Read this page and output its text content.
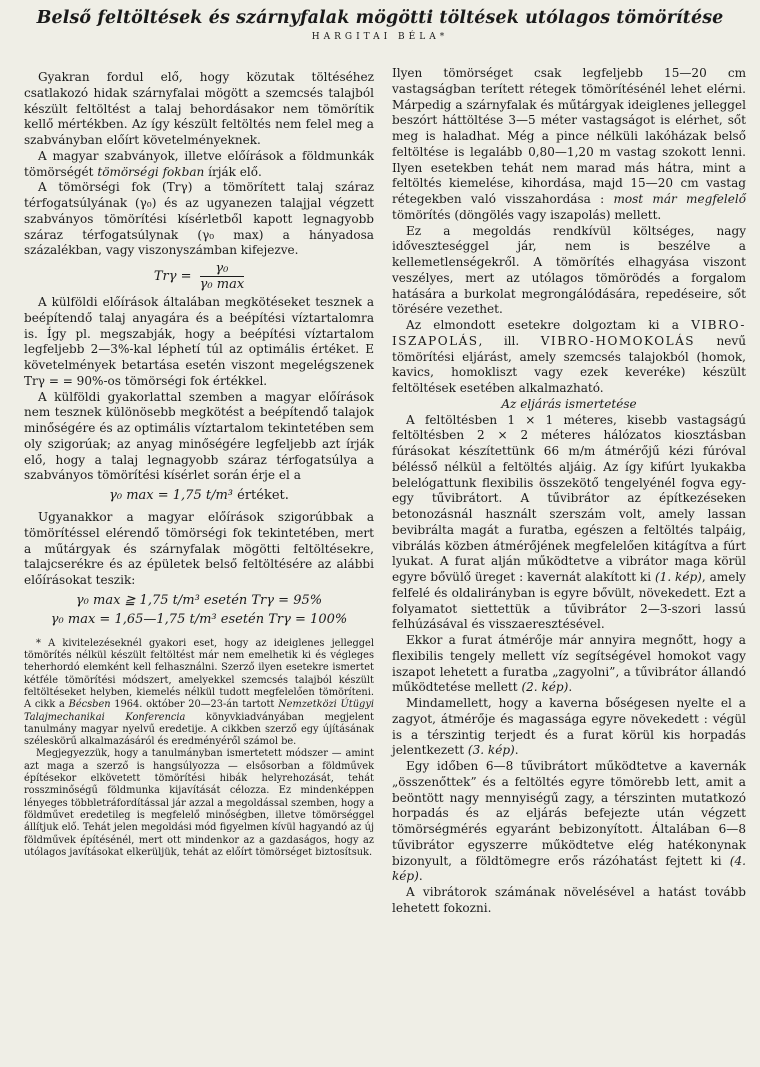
Belső feltöltések és szárnyfalak mögötti töltések utólagos tömörítése
HARGITAI BÉLA*

Gyakran fordul elő, hogy közutak töltéséhez csatlakozó hidak szárnyfalai mögött a szemcsés talajból készült feltöltést a talaj behordásakor nem tömörítik kellő mértékben. Az így készült feltöltés nem felel meg a szabványban előírt követelményeknek.

A magyar szabványok, illetve előírások a földmunkák tömörségét tömörségi fokban írják elő.

A tömörségi fok (Trγ) a tömörített talaj száraz térfogatsúlyának (γ₀) és az ugyanezen talajjal végzett szabványos tömörítési kísérletből kapott legnagyobb száraz térfogatsúlynak (γ₀ max) a hányadosa százalékban, vagy viszonyszámban kifejezve.

$Tr\gamma = \frac{\text{γ₀}}{\text{γ₀ max}}$

A külföldi előírások általában megkötéseket tesznek a beépítendő talaj anyagára és a beépítési víztartalomra is. Így pl. megszabják, hogy a beépítési víztartalom legfeljebb 2—3%-kal léphetí túl az optimális értéket. E követelmények betartása esetén viszont megelégszenek Trγ = = 90%-os tömörségi fok értékkel.

A külföldi gyakorlattal szemben a magyar előírások nem tesznek különösebb megkötést a beépítendő talajok minőségére és az optimális víztartalom tekintetében sem oly szigorúak; az anyag minőségére legfeljebb azt írják elő, hogy a talaj legnagyobb száraz térfogatsúlya a szabványos tömörítési kísérlet során érje el a

γ₀ max = 1,75 t/m³ értéket.

Ugyanakkor a magyar előírások szigorúbbak a tömörítéssel elérendő tömörségi fok tekintetében, mert a műtárgyak és szárnyfalak mögötti feltöltésekre, talajcserékre és az épületek belső feltöltésére az alábbi előírásokat teszik:

γ₀ max ≧ 1,75 t/m³ esetén Trγ = 95%
γ₀ max = 1,65—1,75 t/m³ esetén Trγ = 100%

* A kivitelezéseknél gyakori eset, hogy az ideiglenes jelleggel tömörítés nélkül készült feltöltést már nem emelhetik ki és végleges teherhordó elemként kell felhasználni. Szerző ilyen esetekre ismertet kétféle tömörítési módszert, amelyekkel szemcsés talajból készült feltöltéseket helyben, kiemelés nélkül tudott megfelelően tömöríteni. A cikk a Bécsben 1964. október 20—23-án tartott Nemzetközi Útügyi Talajmechanikai Konferencia könyvkiadványában megjelent tanulmány magyar nyelvű eredetije. A cikkben szerző egy újításának széleskörű alkalmazásáról és eredményéről számol be.

Megjegyezzük, hogy a tanulmányban ismertetett módszer — amint azt maga a szerző is hangsúlyozza — elsősorban a földművek építésekor elkövetett tömörítési hibák helyrehozását, tehát rosszminőségű földmunka kijavítását célozza. Ez mindenképpen lényeges többletráfordítással jár azzal a megoldással szemben, hogy a földművet eredetileg is megfelelő minőségben, illetve tömörséggel állítjuk elő. Tehát jelen megoldási mód figyelmen kívül hagyandó az új földművek építésénél, mert ott mindenkor az a gazdaságos, hogy az utólagos javításokat elkerüljük, tehát az előírt tömörséget biztosítsuk.

Ilyen tömörséget csak legfeljebb 15—20 cm vastagságban terített rétegek tömörítésénél lehet elérni. Márpedig a szárnyfalak és műtárgyak ideiglenes jelleggel beszórt háttöltése 3—5 méter vastagságot is elérhet, sőt meg is haladhat. Még a pince nélküli lakóházak belső feltöltése is legalább 0,80—1,20 m vastag szokott lenni. Ilyen esetekben tehát nem marad más hátra, mint a feltöltés kiemelése, kihordása, majd 15—20 cm vastag rétegekben való visszahordása : most már megfelelő tömörítés (döngölés vagy iszapolás) mellett.

Ez a megoldás rendkívül költséges, nagy időveszteséggel jár, nem is beszélve a kellemetlenségekről. A tömörítés elhagyása viszont veszélyes, mert az utólagos tömörödés a forgalom hatására a burkolat megrongálódására, repedéseire, sőt törésére vezethet.

Az elmondott esetekre dolgoztam ki a VIBRO-ISZAPOLÁS, ill. VIBRO-HOMOKOLÁS nevű tömörítési eljárást, amely szemcsés talajokból (homok, kavics, homokliszt vagy ezek keveréke) készült feltöltések esetében alkalmazható.

Az eljárás ismertetése

A feltöltésben 1 × 1 méteres, kisebb vastagságú feltöltésben 2 × 2 méteres hálózatos kiosztásban fúrásokat készítettünk 66 m/m átmérőjű kézi fúróval bélésső nélkül a feltöltés aljáig. Az így kifúrt lyukakba belelógattunk flexibilis összekötő tengelyénél fogva egy-egy tűvibrátort. A tűvibrátor az építkezéseken betonozásnál használt szerszám volt, amely lassan bevibrálta magát a furatba, egészen a feltöltés talpáig, vibrálás közben átmérőjének megfelelően kitágítva a fúrt lyukat. A furat alján működtetve a vibrátor maga körül egyre bővülő üreget : kavernát alakított ki (1. kép), amely felfelé és oldalirányban is egyre bővült, növekedett. Ezt a folyamatot siettettük a tűvibrátor 2—3-szori lassú felhúzásával és visszaeresztésével.

Ekkor a furat átmérője már annyira megnőtt, hogy a flexibilis tengely mellett víz segítségével homokot vagy iszapot lehetett a furatba „zagyolni”, a tűvibrátor állandó működtetése mellett (2. kép).

Mindamellett, hogy a kaverna bőségesen nyelte el a zagyot, átmérője és magassága egyre növekedett : végül is a térszintig terjedt és a furat körül kis horpadás jelentkezett (3. kép).

Egy időben 6—8 tűvibrátort működtetve a kavernák „összenőttek” és a feltöltés egyre tömörebb lett, amit a beöntött nagy mennyiségű zagy, a térszinten mutatkozó horpadás és az eljárás befejezte után végzett tömörségmérés egyaránt bebizonyított. Általában 6—8 tűvibrátor egyszerre működtetve elég hatékonynak bizonyult, a földtömegre erős rázóhatást fejtett ki (4. kép).

A vibrátorok számának növelésével a hatást tovább lehetett fokozni.
